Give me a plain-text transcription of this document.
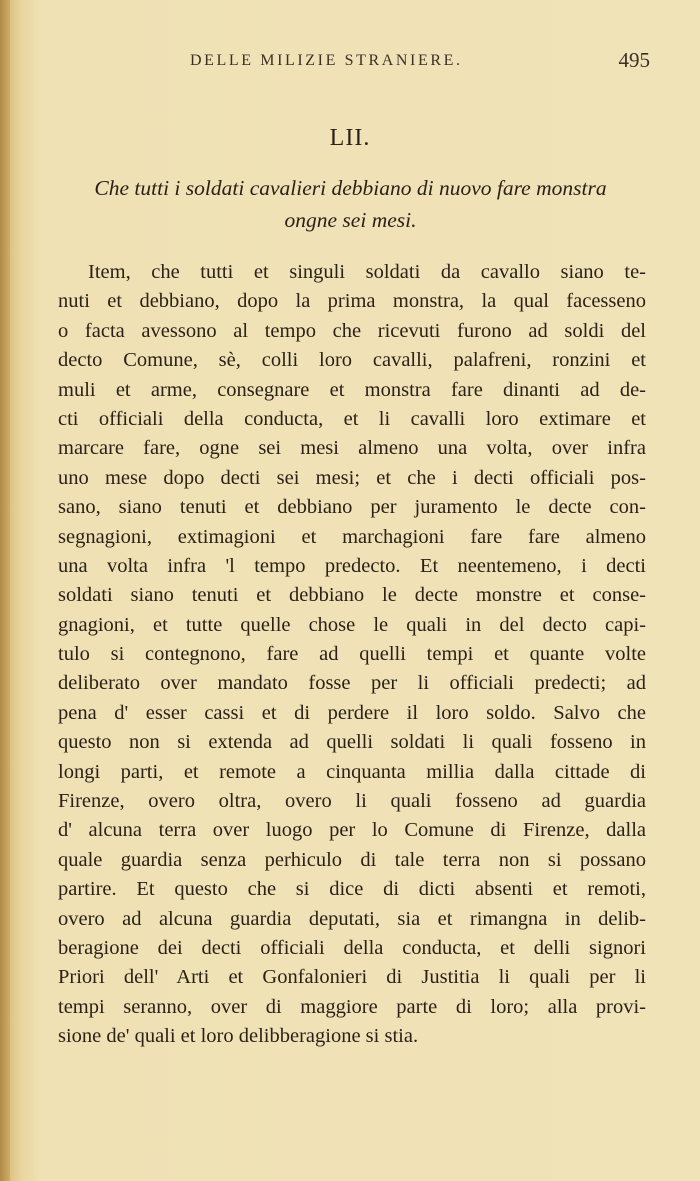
DELLE MILIZIE STRANIERE.	495
LII.
Che tutti i soldati cavalieri debbiano di nuovo fare monstra
ongne sei mesi.
Item, che tutti et singuli soldati da cavallo siano te-
nuti et debbiano, dopo la prima monstra, la qual facesseno
o facta avessono al tempo che ricevuti furono ad soldi del
decto Comune, sè, colli loro cavalli, palafreni, ronzini et
muli et arme, consegnare et monstra fare dinanti ad de-
cti officiali della conducta, et li cavalli loro extimare et
marcare fare, ogne sei mesi almeno una volta, over infra
uno mese dopo decti sei mesi; et che i decti officiali pos-
sano, siano tenuti et debbiano per juramento le decte con-
segnagioni, extimagioni et marchagioni fare fare almeno
una volta infra 'l tempo predecto. Et neentemeno, i decti
soldati siano tenuti et debbiano le decte monstre et conse-
gnagioni, et tutte quelle chose le quali in del decto capi-
tulo si contegnono, fare ad quelli tempi et quante volte
deliberato over mandato fosse per li officiali predecti; ad
pena d' esser cassi et di perdere il loro soldo. Salvo che
questo non si extenda ad quelli soldati li quali fosseno in
longi parti, et remote a cinquanta millia dalla cittade di
Firenze, overo oltra, overo li quali fosseno ad guardia
d' alcuna terra over luogo per lo Comune di Firenze, dalla
quale guardia senza perhiculo di tale terra non si possano
partire. Et questo che si dice di dicti absenti et remoti,
overo ad alcuna guardia deputati, sia et rimangna in delib-
beragione dei decti officiali della conducta, et delli signori
Priori dell' Arti et Gonfalonieri di Justitia li quali per li
tempi seranno, over di maggiore parte di loro; alla provi-
sione de' quali et loro delibberagione si stia.
